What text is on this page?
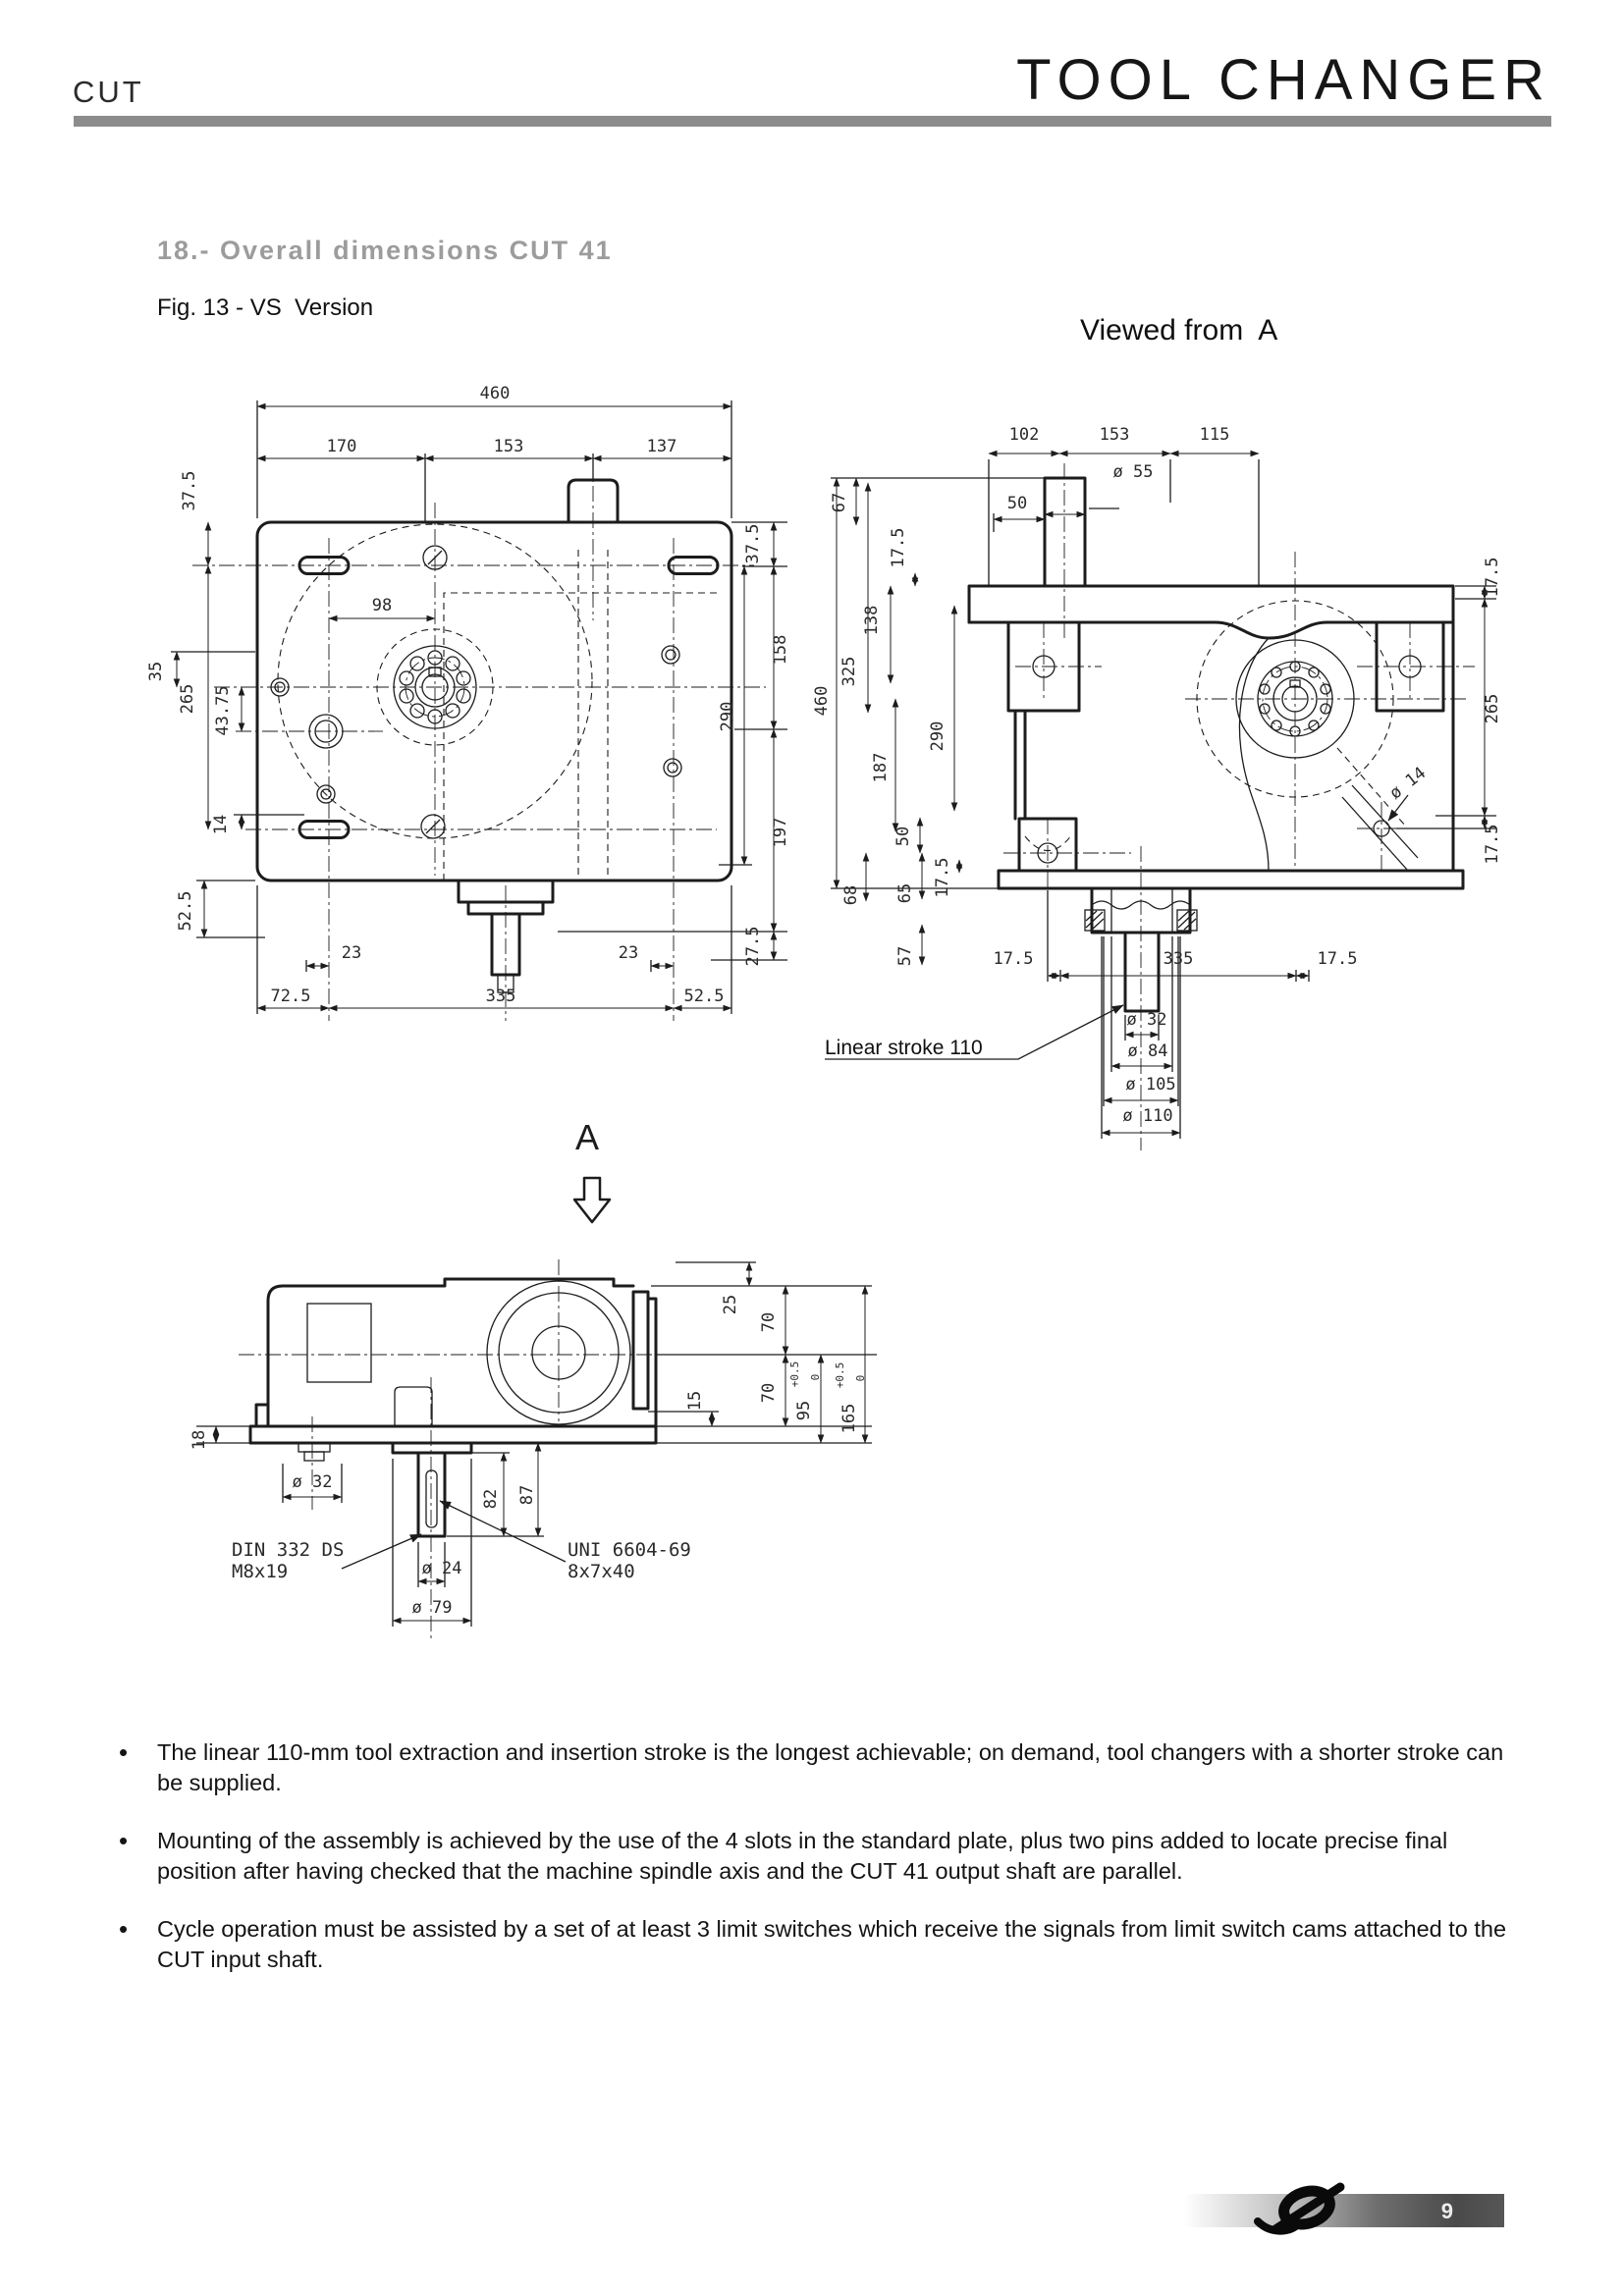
CUT	TOOL CHANGER
18.- Overall dimensions CUT 41
Fig. 13 - VS  Version
Viewed from  A
460
170	153	137
98
37.5
35
265 43.75
14
52.5
23	23
72.5	335	52.5
37.5
158
290
197
27.5
102	153	115
ø 55
50
67
17.5
138
325
460
290
187
50
68 65 17.5
57	17.5	335	17.5
17.5
265
17.5
ø 14
ø 32
ø 84
ø 105
ø 110
Linear stroke 110
A
25
70
70
15	95
+0.5 0
165
+0.5 0
18
ø 32
82 87
ø 24
ø 79
DIN 332 DS
M8x19
UNI 6604-69
8x7x40
• The linear 110-mm tool extraction and insertion stroke is the longest achievable; on demand, tool changers with a shorter stroke can be supplied.
• Mounting of the assembly is achieved by the use of the 4 slots in the standard plate, plus two pins added to locate precise final position after having checked that the machine spindle axis and the CUT 41 output shaft are parallel.
• Cycle operation must be assisted by a set of at least 3 limit switches which receive the signals from limit switch cams attached to the CUT input shaft.
9
